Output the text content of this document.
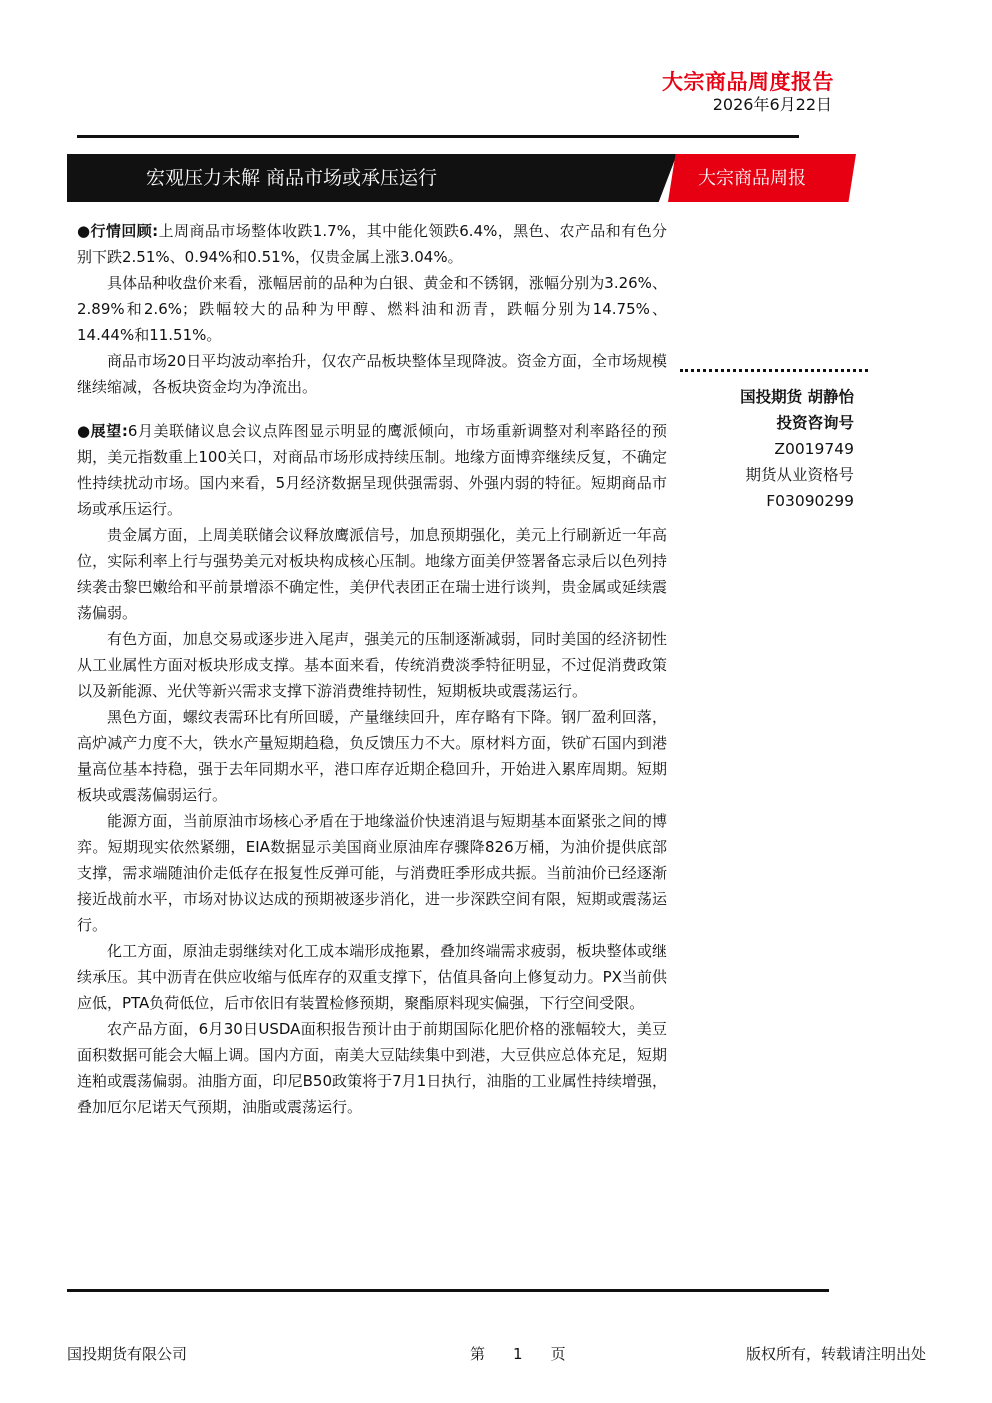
大宗商品周度报告
2026年6月22日
宏观压力未解 商品市场或承压运行	大宗商品周报

●行情回顾:上周商品市场整体收跌1.7%，其中能化领跌6.4%，黑色、农产品和有色分别下跌2.51%、0.94%和0.51%，仅贵金属上涨3.04%。

具体品种收盘价来看，涨幅居前的品种为白银、黄金和不锈钢，涨幅分别为3.26%、2.89%和2.6%；跌幅较大的品种为甲醇、燃料油和沥青，跌幅分别为14.75%、14.44%和11.51%。

商品市场20日平均波动率抬升，仅农产品板块整体呈现降波。资金方面，全市场规模继续缩减，各板块资金均为净流出。

●展望:6月美联储议息会议点阵图显示明显的鹰派倾向，市场重新调整对利率路径的预期，美元指数重上100关口，对商品市场形成持续压制。地缘方面博弈继续反复，不确定性持续扰动市场。国内来看，5月经济数据呈现供强需弱、外强内弱的特征。短期商品市场或承压运行。

贵金属方面，上周美联储会议释放鹰派信号，加息预期强化，美元上行刷新近一年高位，实际利率上行与强势美元对板块构成核心压制。地缘方面美伊签署备忘录后以色列持续袭击黎巴嫩给和平前景增添不确定性，美伊代表团正在瑞士进行谈判，贵金属或延续震荡偏弱。

有色方面，加息交易或逐步进入尾声，强美元的压制逐渐减弱，同时美国的经济韧性从工业属性方面对板块形成支撑。基本面来看，传统消费淡季特征明显，不过促消费政策以及新能源、光伏等新兴需求支撑下游消费维持韧性，短期板块或震荡运行。

黑色方面，螺纹表需环比有所回暖，产量继续回升，库存略有下降。钢厂盈利回落，高炉减产力度不大，铁水产量短期趋稳，负反馈压力不大。原材料方面，铁矿石国内到港量高位基本持稳，强于去年同期水平，港口库存近期企稳回升，开始进入累库周期。短期板块或震荡偏弱运行。

能源方面，当前原油市场核心矛盾在于地缘溢价快速消退与短期基本面紧张之间的博弈。短期现实依然紧绷，EIA数据显示美国商业原油库存骤降826万桶，为油价提供底部支撑，需求端随油价走低存在报复性反弹可能，与消费旺季形成共振。当前油价已经逐渐接近战前水平，市场对协议达成的预期被逐步消化，进一步深跌空间有限，短期或震荡运行。

化工方面，原油走弱继续对化工成本端形成拖累，叠加终端需求疲弱，板块整体或继续承压。其中沥青在供应收缩与低库存的双重支撑下，估值具备向上修复动力。PX当前供应低，PTA负荷低位，后市依旧有装置检修预期，聚酯原料现实偏强，下行空间受限。

农产品方面，6月30日USDA面积报告预计由于前期国际化肥价格的涨幅较大，美豆面积数据可能会大幅上调。国内方面，南美大豆陆续集中到港，大豆供应总体充足，短期连粕或震荡偏弱。油脂方面，印尼B50政策将于7月1日执行，油脂的工业属性持续增强，叠加厄尔尼诺天气预期，油脂或震荡运行。

国投期货 胡静怡
投资咨询号
Z0019749
期货从业资格号
F03090299
国投期货有限公司	第 1 页	版权所有，转载请注明出处
